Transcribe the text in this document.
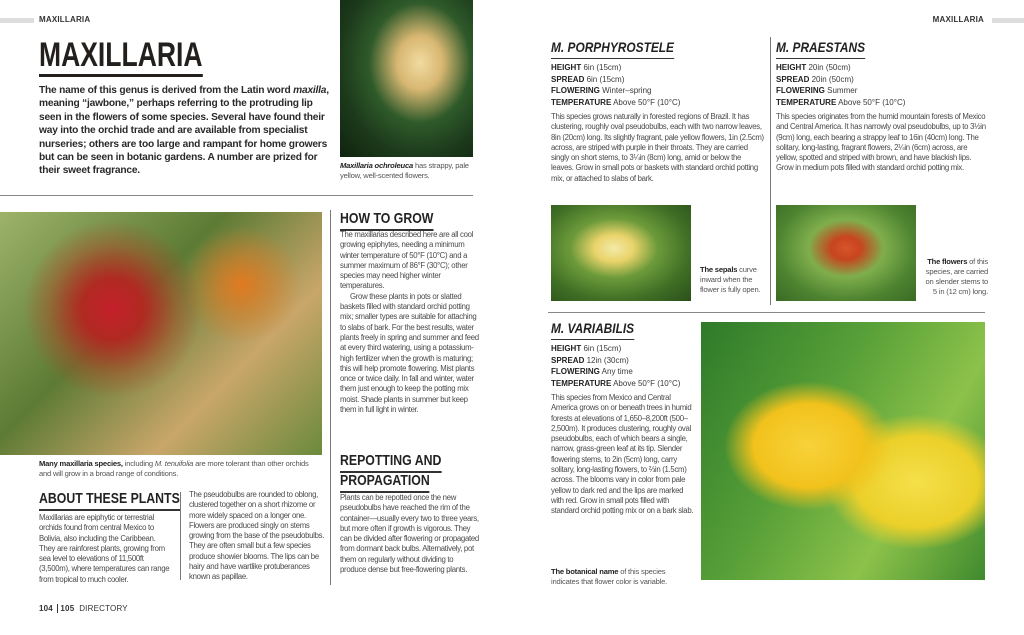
MAXILLARIA	MAXILLARIA
MAXILLARIA
The name of this genus is derived from the Latin word maxilla, meaning “jawbone,” perhaps referring to the protruding lip seen in the flowers of some species. Several have found their way into the orchid trade and are available from specialist nurseries; others are too large and rampant for home growers but can be seen in botanic gardens. A number are prized for their sweet fragrance.	Maxillaria ochroleuca has strappy, pale yellow, well-scented flowers.
Many maxillaria species, including M. tenuifolia are more tolerant than other orchids and will grow in a broad range of conditions.
ABOUT THESE PLANTS
Maxillarias are epiphytic or terrestrial orchids found from central Mexico to Bolivia, also including the Caribbean. They are rainforest plants, growing from sea level to elevations of 11,500ft (3,500m), where temperatures can range from tropical to much cooler.
The pseudobulbs are rounded to oblong, clustered together on a short rhizome or more widely spaced on a longer one. Flowers are produced singly on stems growing from the base of the pseudobulbs. They are often small but a few species produce showier blooms. The lips can be hairy and have wartlike protuberances known as papillae.
HOW TO GROW
The maxillarias described here are all cool growing epiphytes, needing a minimum winter temperature of 50°F (10°C) and a summer maximum of 86°F (30°C); other species may need higher winter temperatures.
Grow these plants in pots or slatted baskets filled with standard orchid potting mix; smaller types are suitable for attaching to slabs of bark. For the best results, water plants freely in spring and summer and feed at every third watering, using a potassium-high fertilizer when the growth is maturing; this will help promote flowering. Mist plants once or twice daily. In fall and winter, water them just enough to keep the potting mix moist. Shade plants in summer but keep them in full light in winter.
REPOTTING AND
PROPAGATION
Plants can be repotted once the new pseudobulbs have reached the rim of the container—usually every two to three years, but more often if growth is vigorous. They can be divided after flowering or propagated from dormant back bulbs. Alternatively, pot them on regularly without dividing to produce dense but free-flowering plants.
104 105 DIRECTORY
M. PORPHYROSTELE
HEIGHT 6in (15cm)
SPREAD 6in (15cm)
FLOWERING Winter–spring
TEMPERATURE Above 50°F (10°C)
This species grows naturally in forested regions of Brazil. It has clustering, roughly oval pseudobulbs, each with two narrow leaves, 8in (20cm) long. Its slightly fragrant, pale yellow flowers, 1in (2.5cm) across, are striped with purple in their throats. They are carried singly on short stems, to 3¼in (8cm) long, amid or below the leaves. Grow in small pots or baskets with standard orchid potting mix, or attached to slabs of bark.
M. PRAESTANS
HEIGHT 20in (50cm)
SPREAD 20in (50cm)
FLOWERING Summer
TEMPERATURE Above 50°F (10°C)
This species originates from the humid mountain forests of Mexico and Central America. It has narrowly oval pseudobulbs, up to 3½in (9cm) long, each bearing a strappy leaf to 16in (40cm) long. The solitary, long-lasting, fragrant flowers, 2¼in (6cm) across, are yellow, spotted and striped with brown, and have blackish lips. Grow in medium pots filled with standard orchid potting mix.
The sepals curve inward when the flower is fully open.
The flowers of this species, are carried on slender stems to 5 in (12 cm) long.
M. VARIABILIS
HEIGHT 6in (15cm)
SPREAD 12in (30cm)
FLOWERING Any time
TEMPERATURE Above 50°F (10°C)
This species from Mexico and Central America grows on or beneath trees in humid forests at elevations of 1,650–8,200ft (500–2,500m). It produces clustering, roughly oval pseudobulbs, each of which bears a single, narrow, grass-green leaf at its tip. Slender flowering stems, to 2in (5cm) long, carry solitary, long-lasting flowers, to ⅔in (1.5cm) across. The blooms vary in color from pale yellow to dark red and the lips are marked with red. Grow in small pots filled with standard orchid potting mix or on a bark slab.
The botanical name of this species indicates that flower color is variable.
